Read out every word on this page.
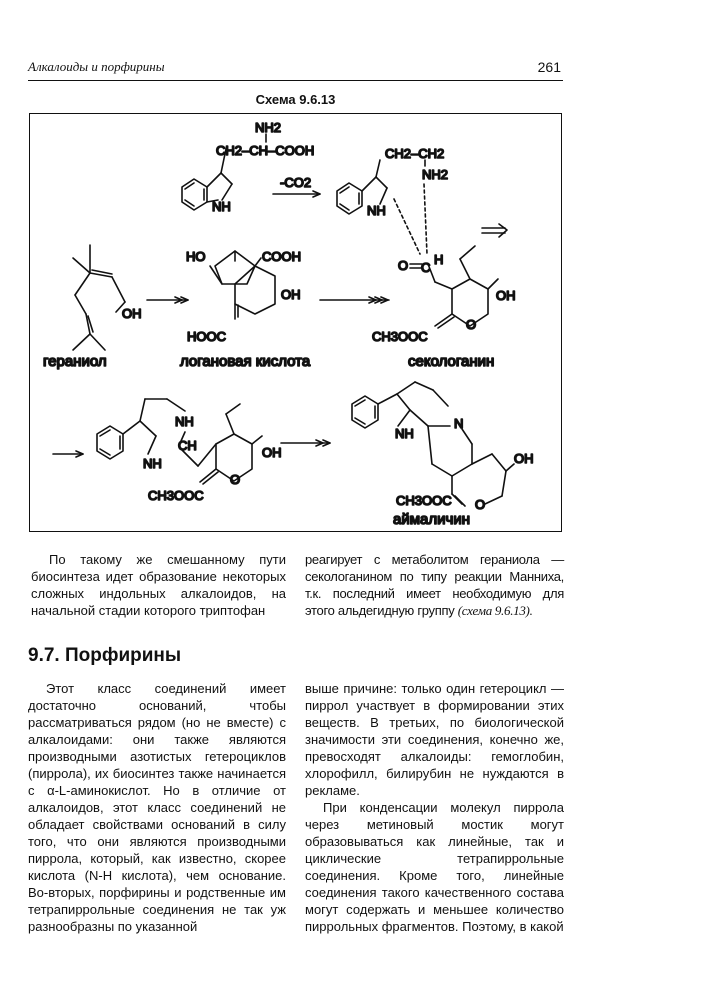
Алкалоиды и порфирины	261
Схема 9.6.13
NH2
CH2–CH–COOH
NH
-CO2
CH2–CH2
NH2
NH
OH
гераниол
HO	COOH
OH
HOOC
логановая кислота
O C
H
OH
CH3OOC
O
секологанин
NH
CH
NH
OH
CH3OOC
O
NH
N
OH
CH3OOC O
аймаличин

По такому же смешанному пути биосинтеза идет образование некоторых сложных индольных алкалоидов, на начальной стадии которого триптофан

реагирует с метаболитом гераниола — секологанином по типу реакции Манниха, т.к. последний имеет необходимую для этого альдегидную группу (схема 9.6.13).

9.7. Порфирины

Этот класс соединений имеет достаточно оснований, чтобы рассматриваться рядом (но не вместе) с алкалоидами: они также являются производными азотистых гетероциклов (пиррола), их биосинтез также начинается с α-L-аминокислот. Но в отличие от алкалоидов, этот класс соединений не обладает свойствами оснований в силу того, что они являются производными пиррола, который, как известно, скорее кислота (N-H кислота), чем основание. Во-вторых, порфирины и родственные им тетрапиррольные соединения не так уж разнообразны по указанной

выше причине: только один гетероцикл — пиррол участвует в формировании этих веществ. В третьих, по биологической значимости эти соединения, конечно же, превосходят алкалоиды: гемоглобин, хлорофилл, билирубин не нуждаются в рекламе.

При конденсации молекул пиррола через метиновый мостик могут образовываться как линейные, так и циклические тетрапиррольные соединения. Кроме того, линейные соединения такого качественного состава могут содержать и меньшее количество пиррольных фрагментов. Поэтому, в какой
